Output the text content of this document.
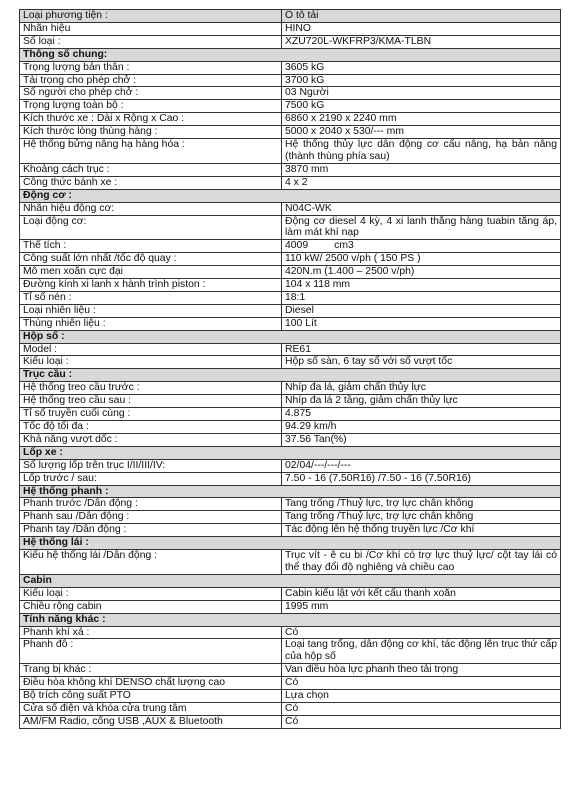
Loại phương tiện :	Ô tô tải
Nhãn hiệu	HINO
Số loại :	XZU720L-WKFRP3/KMA-TLBN
Thông số chung:	
Trọng lượng bản thân :	3605 kG
Tải trọng cho phép chở :	3700 kG
Số người cho phép chở :	03 Người
Trọng lượng toàn bộ :	7500 kG
Kích thước xe : Dài x Rộng x Cao :	6860 x 2190 x 2240 mm
Kích thước lòng thùng hàng :	5000 x 2040 x 530/--- mm
Hệ thống bửng nâng hạ hàng hóa :	Hệ thống thủy lực dẫn động cơ cấu nâng, hạ bản nâng (thành thùng phía sau)
Khoảng cách trục :	3870 mm
Công thức bánh xe :	4 x 2
Động cơ :	
Nhãn hiệu động cơ:	N04C-WK
Loại động cơ:	Động cơ diesel 4 kỳ, 4 xi lanh thẳng hàng tuabin tăng áp, làm mát khí nạp
Thể tích :	4009 cm3
Công suất lớn nhất /tốc độ quay :	110 kW/ 2500 v/ph ( 150 PS )
Mô men xoắn cực đại	420N.m (1.400 – 2500 v/ph)
Đường kính xi lanh x hành trình piston :	104 x 118 mm
Tỉ số nén :	18:1
Loại nhiên liệu :	Diesel
Thùng nhiên liệu :	100 Lít
Hộp số :	
Model :	RE61
Kiểu loại :	Hộp số sàn, 6 tay số với số vượt tốc
Trục cầu :	
Hệ thống treo cầu trước :	Nhíp đa lá, giảm chấn thủy lực
Hệ thống treo cầu sau :	Nhíp đa lá 2 tầng, giảm chấn thủy lực
Tỉ số truyền cuối cùng :	4.875
Tốc độ tối đa :	94.29 km/h
Khả năng vượt dốc :	37.56 Tan(%)
Lốp xe :	
Số lượng lốp trên trục I/II/III/IV:	02/04/---/---/---
Lốp trước / sau:	7.50 - 16 (7.50R16) /7.50 - 16 (7.50R16)
Hệ thống phanh :	
Phanh trước /Dẫn động :	Tang trống /Thuỷ lực, trợ lực chân không
Phanh sau /Dẫn động :	Tang trống /Thuỷ lực, trợ lực chân không
Phanh tay /Dẫn động :	Tác động lên hệ thống truyền lực /Cơ khí
Hệ thống lái :	
Kiểu hệ thống lái /Dẫn động :	Trục vít - ê cu bi /Cơ khí có trợ lực thuỷ lực/ cột tay lái có thể thay đổi độ nghiêng và chiều cao
Cabin	
Kiểu loại :	Cabin kiểu lật với kết cấu thanh xoắn
Chiều rộng cabin	1995 mm
Tính năng khác :	
Phanh khí xả :	Có
Phanh đỗ :	Loại tang trống, dẫn động cơ khí, tác động lên trục thứ cấp của hộp số
Trang bị khác :	Van điều hòa lực phanh theo tải trọng
Điều hòa không khí DENSO chất lượng cao	Có
Bộ trích công suất PTO	Lựa chọn
Cửa sổ điện và khóa cửa trung tâm	Có
AM/FM Radio, cổng USB ,AUX & Bluetooth	Có
